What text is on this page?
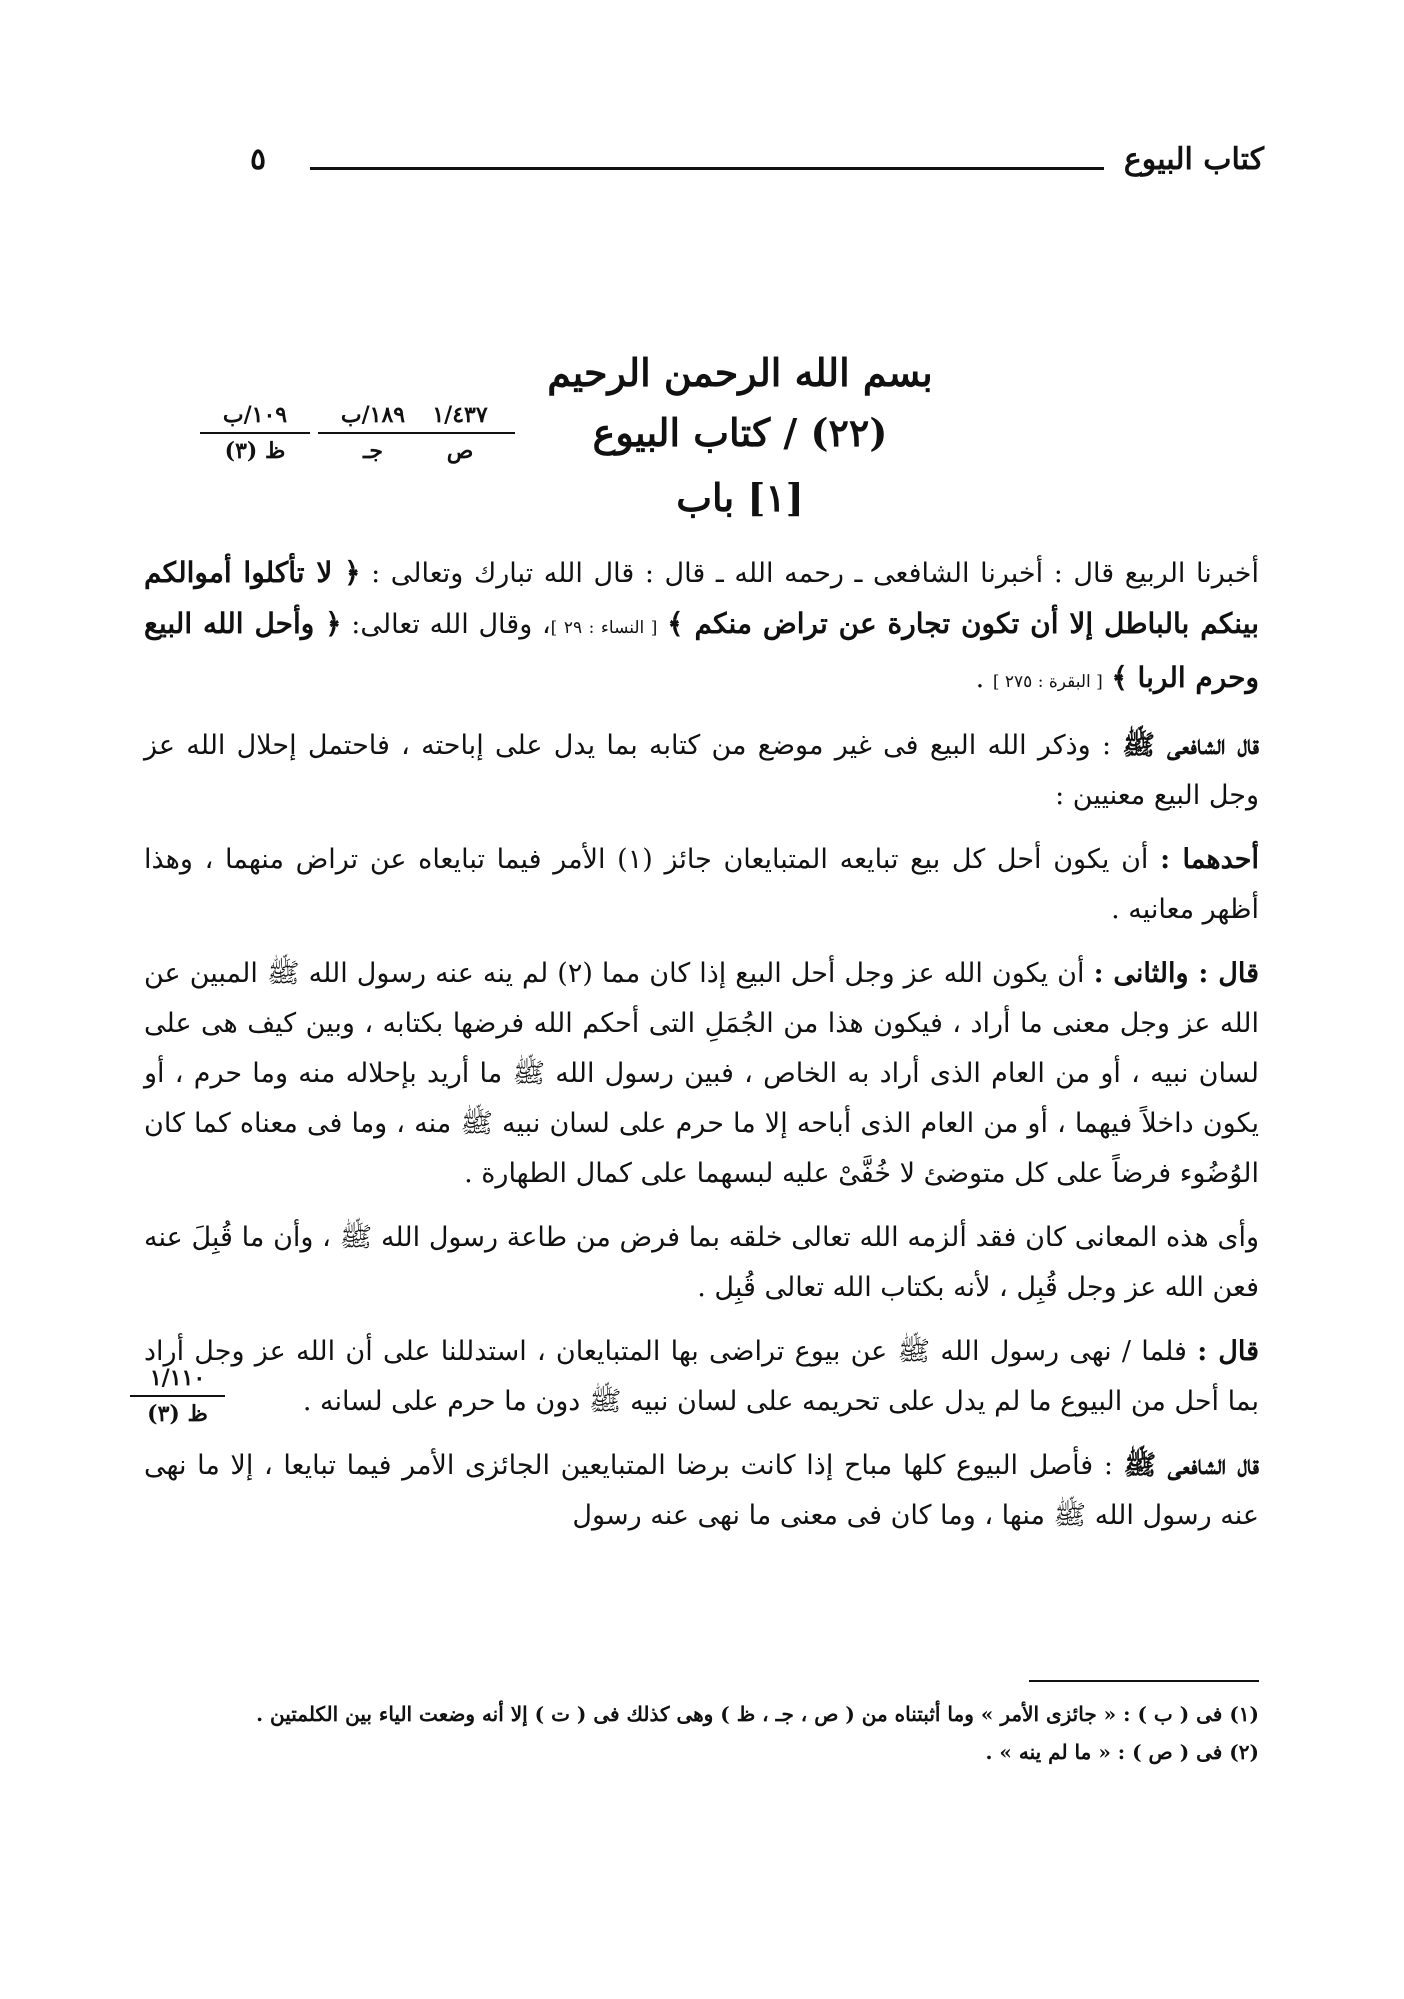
كتاب البيوع
٥
بسم الله الرحمن الرحيم
(٢٢) / كتاب البيوع
[١] باب
١/٤٣٧
ص
١٨٩/ب
جـ
١٠٩/ب
ظ (٣)
١/١١٠
ظ (٣)

أخبرنا الربيع قال : أخبرنا الشافعى ـ رحمه الله ـ قال : قال الله تبارك وتعالى : ﴿ لا تأكلوا أموالكم بينكم بالباطل إلا أن تكون تجارة عن تراض منكم ﴾ [ النساء : ٢٩ ]، وقال الله تعالى: ﴿ وأحل الله البيع وحرم الربا ﴾ [ البقرة : ٢٧٥ ] .

قال الشافعى ﷺ : وذكر الله البيع فى غير موضع من كتابه بما يدل على إباحته ، فاحتمل إحلال الله عز وجل البيع معنيين :

أحدهما : أن يكون أحل كل بيع تبايعه المتبايعان جائز (١) الأمر فيما تبايعاه عن تراض منهما ، وهذا أظهر معانيه .

قال : والثانى : أن يكون الله عز وجل أحل البيع إذا كان مما (٢) لم ينه عنه رسول الله ﷺ المبين عن الله عز وجل معنى ما أراد ، فيكون هذا من الجُمَلِ التى أحكم الله فرضها بكتابه ، وبين كيف هى على لسان نبيه ، أو من العام الذى أراد به الخاص ، فبين رسول الله ﷺ ما أريد بإحلاله منه وما حرم ، أو يكون داخلاً فيهما ، أو من العام الذى أباحه إلا ما حرم على لسان نبيه ﷺ منه ، وما فى معناه كما كان الوُضُوء فرضاً على كل متوضئ لا خُفَّىْ عليه لبسهما على كمال الطهارة .

وأى هذه المعانى كان فقد ألزمه الله تعالى خلقه بما فرض من طاعة رسول الله ﷺ ، وأن ما قُبِلَ عنه فعن الله عز وجل قُبِل ، لأنه بكتاب الله تعالى قُبِل .

قال : فلما / نهى رسول الله ﷺ عن بيوع تراضى بها المتبايعان ، استدللنا على أن الله عز وجل أراد بما أحل من البيوع ما لم يدل على تحريمه على لسان نبيه ﷺ دون ما حرم على لسانه .

قال الشافعى ﷺ : فأصل البيوع كلها مباح إذا كانت برضا المتبايعين الجائزى الأمر فيما تبايعا ، إلا ما نهى عنه رسول الله ﷺ منها ، وما كان فى معنى ما نهى عنه رسول

(١) فى ( ب ) : « جائزى الأمر » وما أثبتناه من ( ص ، جـ ، ظ ) وهى كذلك فى ( ت ) إلا أنه وضعت الياء بين الكلمتين .

(٢) فى ( ص ) : « ما لم ينه » .
